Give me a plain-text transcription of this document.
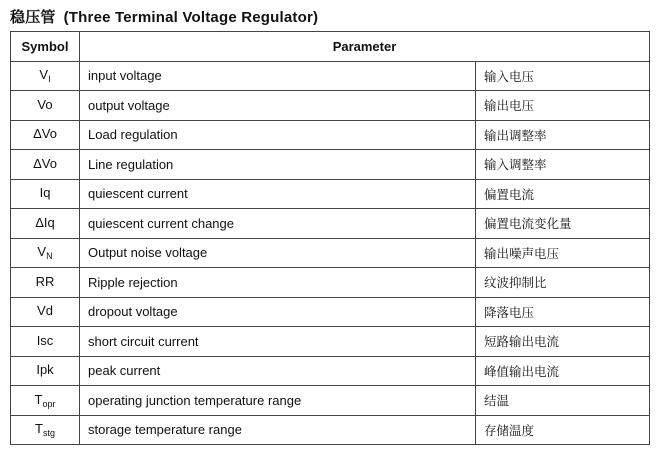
稳压管 (Three Terminal Voltage Regulator)
Symbol	Parameter	
$V_I$	input voltage	输入电压
Vo	output voltage	输出电压
ΔVo	Load regulation	输出调整率
ΔVo	Line regulation	输入调整率
Iq	quiescent current	偏置电流
ΔIq	quiescent current change	偏置电流变化量
$V_N$	Output noise voltage	输出噪声电压
RR	Ripple rejection	纹波抑制比
Vd	dropout voltage	降落电压
Isc	short circuit current	短路输出电流
Ipk	peak current	峰值输出电流
$T_{opr}$	operating junction temperature range	结温
$T_{stg}$	storage temperature range	存储温度
